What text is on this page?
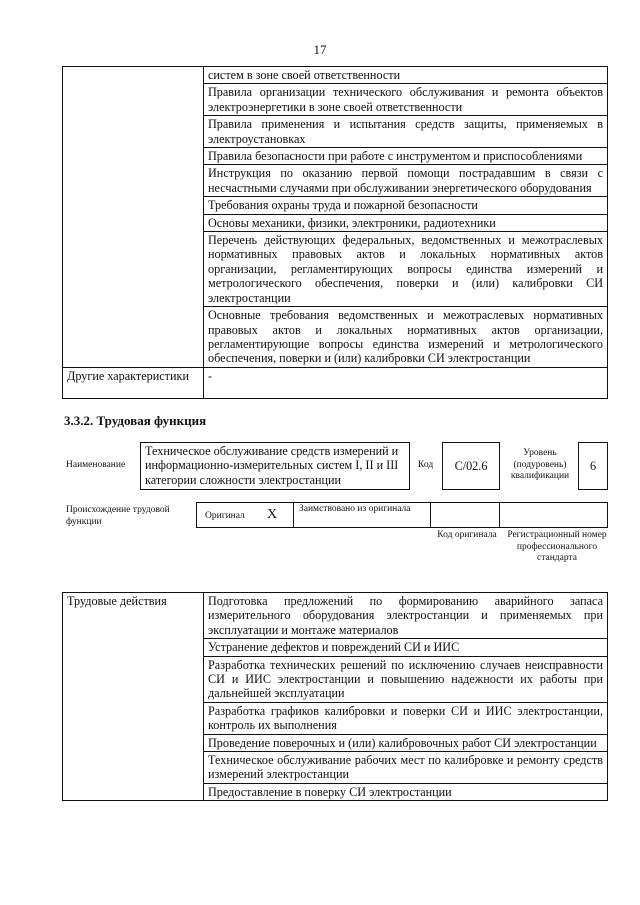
17
	систем в зоне своей ответственности
	Правила организации технического обслуживания и ремонта объектов электроэнергетики в зоне своей ответственности
	Правила применения и испытания средств защиты, применяемых в электроустановках
	Правила безопасности при работе с инструментом и приспособлениями
	Инструкция по оказанию первой помощи пострадавшим в связи с несчастными случаями при обслуживании энергетического оборудования
	Требования охраны труда и пожарной безопасности
	Основы механики, физики, электроники, радиотехники
	Перечень действующих федеральных, ведомственных и межотраслевых нормативных правовых актов и локальных нормативных актов организации, регламентирующих вопросы единства измерений и метрологического обеспечения, поверки и (или) калибровки СИ электростанции
	Основные требования ведомственных и межотраслевых нормативных правовых актов и локальных нормативных актов организации, регламентирующие вопросы единства измерений и метрологического обеспечения, поверки и (или) калибровки СИ электростанции
Другие характеристики	-
3.3.2. Трудовая функция
Наименование
Техническое обслуживание средств измерений и информационно-измерительных систем I, II и III категории сложности электростанции
Код C/02.6
Уровень (подуровень) квалификации
6
Происхождение трудовой функции
Оригинал X Заимствовано из оригинала
Код оригинала Регистрационный номер профессионального стандарта
Трудовые действия	Подготовка предложений по формированию аварийного запаса измерительного оборудования электростанции и применяемых при эксплуатации и монтаже материалов
Устранение дефектов и повреждений СИ и ИИС
Разработка технических решений по исключению случаев неисправности СИ и ИИС электростанции и повышению надежности их работы при дальнейшей эксплуатации
Разработка графиков калибровки и поверки СИ и ИИС электростанции, контроль их выполнения
Проведение поверочных и (или) калибровочных работ СИ электростанции
Техническое обслуживание рабочих мест по калибровке и ремонту средств измерений электростанции
Предоставление в поверку СИ электростанции
